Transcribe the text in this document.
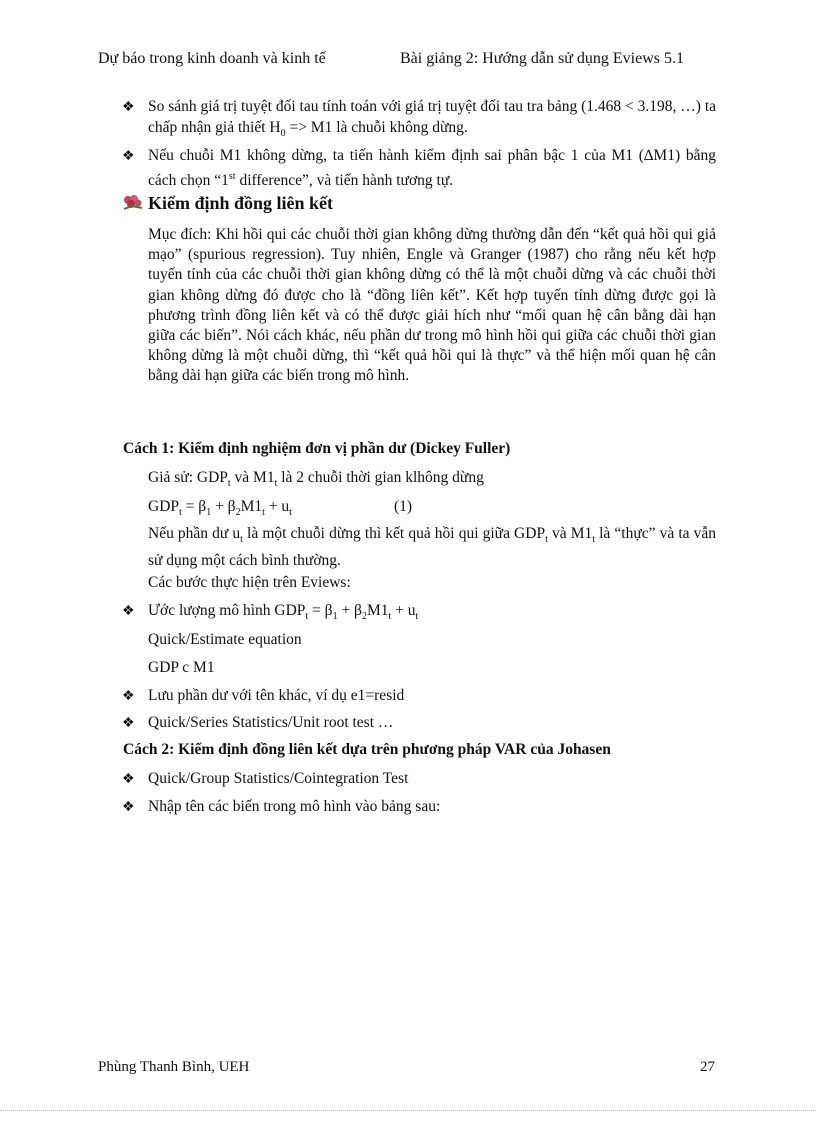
Dự báo trong kinh doanh và kinh tế	Bài giảng 2: Hướng dẫn sử dụng Eviews 5.1
❖ So sánh giá trị tuyệt đối tau tính toán với giá trị tuyệt đối tau tra bảng (1.468 < 3.198, …) ta chấp nhận giả thiết $H_0 => M1$ là chuỗi không dừng.
❖ Nếu chuỗi M1 không dừng, ta tiến hành kiểm định sai phân bậc 1 của M1 (∆M1) bằng cách chọn “1st difference”, và tiến hành tương tự.
Kiểm định đồng liên kết
Mục đích: Khi hồi qui các chuỗi thời gian không dừng thường dẫn đến “kết quả hồi qui giả mạo” (spurious regression). Tuy nhiên, Engle và Granger (1987) cho rằng nếu kết hợp tuyến tính của các chuỗi thời gian không dừng có thể là một chuỗi dừng và các chuỗi thời gian không dừng đó được cho là “đồng liên kết”. Kết hợp tuyến tính dừng được gọi là phương trình đồng liên kết và có thể được giải hích như “mối quan hệ cân bằng dài hạn giữa các biến”. Nói cách khác, nếu phần dư trong mô hình hồi qui giữa các chuỗi thời gian không dừng là một chuỗi dừng, thì “kết quả hồi qui là thực” và thể hiện mối quan hệ cân bằng dài hạn giữa các biến trong mô hình.
Cách 1: Kiểm định nghiệm đơn vị phần dư (Dickey Fuller)
Giả sử: $GDP_t$ và $M1_t$ là 2 chuỗi thời gian klhông dừng
$GDP_t = \beta_1 + \beta_2M1_t + u_t$	(1)
Nếu phần dư $u_t$ là một chuỗi dừng thì kết quả hồi qui giữa $GDP_t$ và $M1_t$ là “thực” và ta vẫn sử dụng một cách bình thường.
Các bước thực hiện trên Eviews:
❖ Ước lượng mô hình $GDP_t = \beta_1 + \beta_2M1_t + u_t$
Quick/Estimate equation
GDP c M1
❖ Lưu phần dư với tên khác, ví dụ e1=resid
❖ Quick/Series Statistics/Unit root test …
Cách 2: Kiểm định đồng liên kết dựa trên phương pháp VAR của Johasen
❖ Quick/Group Statistics/Cointegration Test
❖ Nhập tên các biến trong mô hình vào bảng sau:
Phùng Thanh Bình, UEH	27
